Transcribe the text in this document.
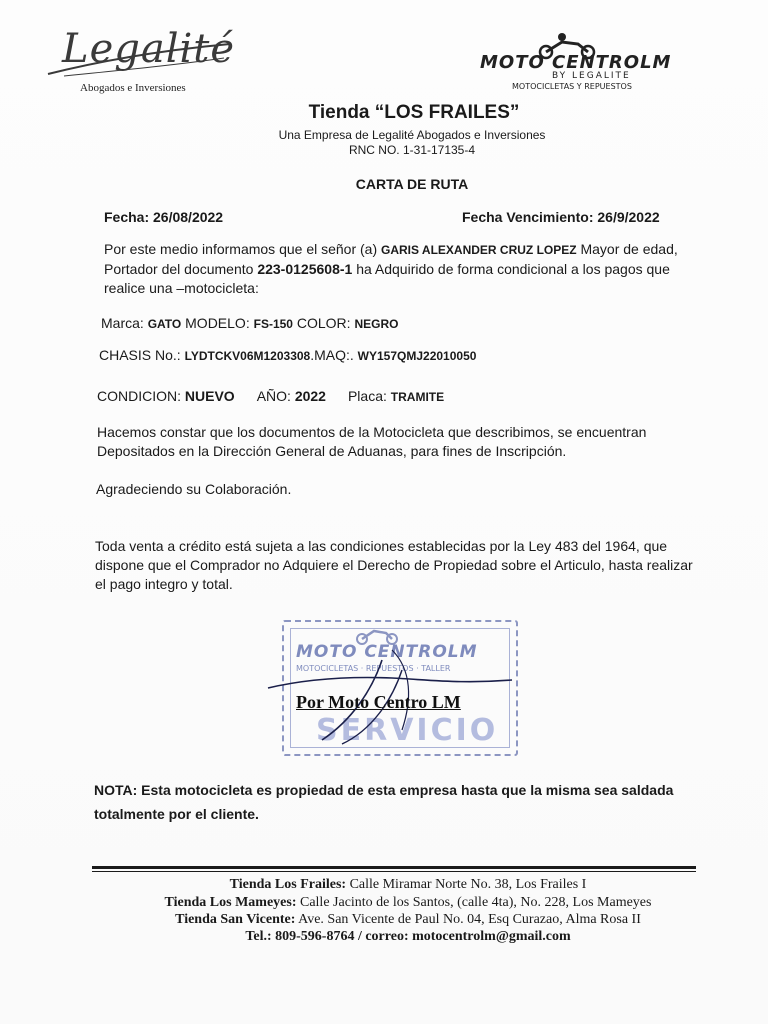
Legalité
Abogados e Inversiones
MOTO CENTROLM
BY LEGALITE
MOTOCICLETAS Y REPUESTOS
Tienda “LOS FRAILES”
Una Empresa de Legalité Abogados e Inversiones
RNC NO. 1-31-17135-4
CARTA DE RUTA
Fecha: 26/08/2022	Fecha Vencimiento: 26/9/2022
Por este medio informamos que el señor (a) GARIS ALEXANDER CRUZ LOPEZ Mayor de edad, Portador del documento 223-0125608-1 ha Adquirido de forma condicional a los pagos que realice una –motocicleta:
Marca: GATO MODELO: FS-150 COLOR: NEGRO
CHASIS No.: LYDTCKV06M1203308.MAQ:. WY157QMJ22010050
CONDICION: NUEVO AÑO: 2022 Placa: TRAMITE
Hacemos constar que los documentos de la Motocicleta que describimos, se encuentran Depositados en la Dirección General de Aduanas, para fines de Inscripción.
Agradeciendo su Colaboración.
Toda venta a crédito está sujeta a las condiciones establecidas por la Ley 483 del 1964, que dispone que el Comprador no Adquiere el Derecho de Propiedad sobre el Articulo, hasta realizar el pago integro y total.
MOTO CENTROLM
MOTOCICLETAS · REPUESTOS · TALLER
SERVICIO
Por Moto Centro LM
NOTA: Esta motocicleta es propiedad de esta empresa hasta que la misma sea saldada totalmente por el cliente.
Tienda Los Frailes: Calle Miramar Norte No. 38, Los Frailes I
Tienda Los Mameyes: Calle Jacinto de los Santos, (calle 4ta), No. 228, Los Mameyes
Tienda San Vicente: Ave. San Vicente de Paul No. 04, Esq Curazao, Alma Rosa II
Tel.: 809-596-8764 / correo: motocentrolm@gmail.com
